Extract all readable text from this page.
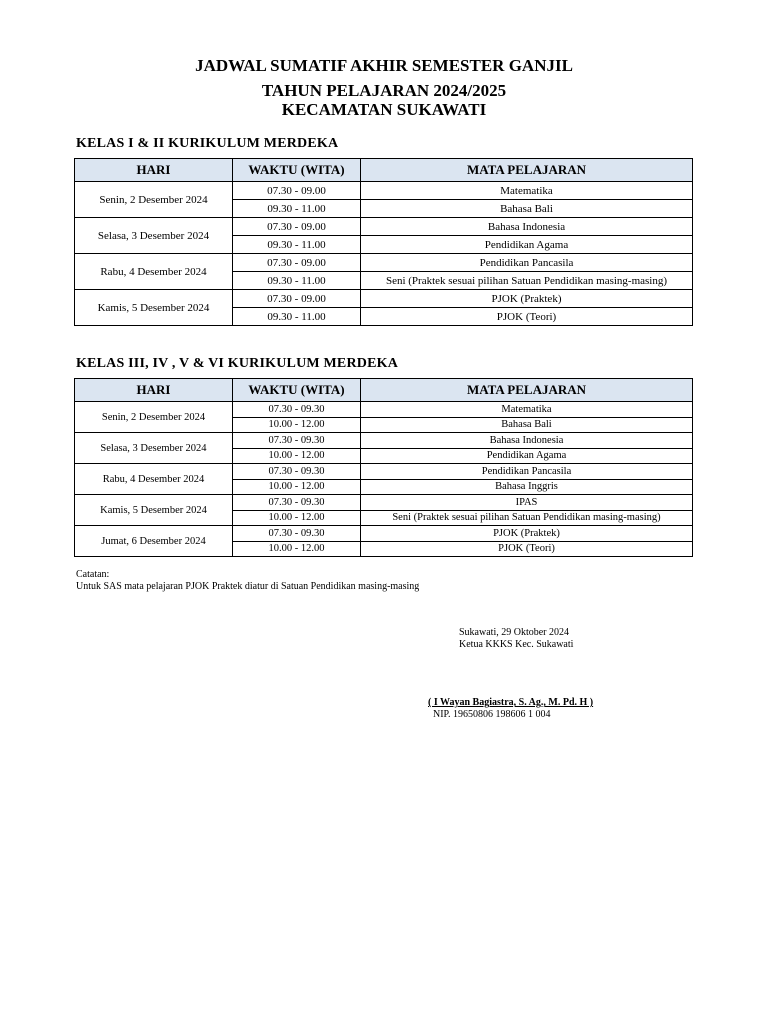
JADWAL SUMATIF AKHIR SEMESTER GANJIL
TAHUN PELAJARAN 2024/2025
KECAMATAN SUKAWATI
KELAS I & II KURIKULUM MERDEKA
HARI	WAKTU (WITA)	MATA PELAJARAN
Senin, 2 Desember 2024	07.30 - 09.00	Matematika
	09.30 - 11.00	Bahasa Bali
Selasa, 3 Desember 2024	07.30 - 09.00	Bahasa Indonesia
	09.30 - 11.00	Pendidikan Agama
Rabu, 4 Desember 2024	07.30 - 09.00	Pendidikan Pancasila
	09.30 - 11.00	Seni (Praktek sesuai pilihan Satuan Pendidikan masing-masing)
Kamis, 5 Desember 2024	07.30 - 09.00	PJOK (Praktek)
	09.30 - 11.00	PJOK (Teori)
KELAS III, IV , V & VI KURIKULUM MERDEKA
HARI	WAKTU (WITA)	MATA PELAJARAN
Senin, 2 Desember 2024	07.30 - 09.30	Matematika
	10.00 - 12.00	Bahasa Bali
Selasa, 3 Desember 2024	07.30 - 09.30	Bahasa Indonesia
	10.00 - 12.00	Pendidikan Agama
Rabu, 4 Desember 2024	07.30 - 09.30	Pendidikan Pancasila
	10.00 - 12.00	Bahasa Inggris
Kamis, 5 Desember 2024	07.30 - 09.30	IPAS
	10.00 - 12.00	Seni (Praktek sesuai pilihan Satuan Pendidikan masing-masing)
Jumat, 6 Desember 2024	07.30 - 09.30	PJOK (Praktek)
	10.00 - 12.00	PJOK (Teori)
Catatan:
Untuk SAS mata pelajaran PJOK Praktek diatur di Satuan Pendidikan masing-masing
Sukawati, 29 Oktober 2024
Ketua KKKS Kec. Sukawati
( I Wayan Bagiastra, S. Ag., M. Pd. H )
NIP. 19650806 198606 1 004
